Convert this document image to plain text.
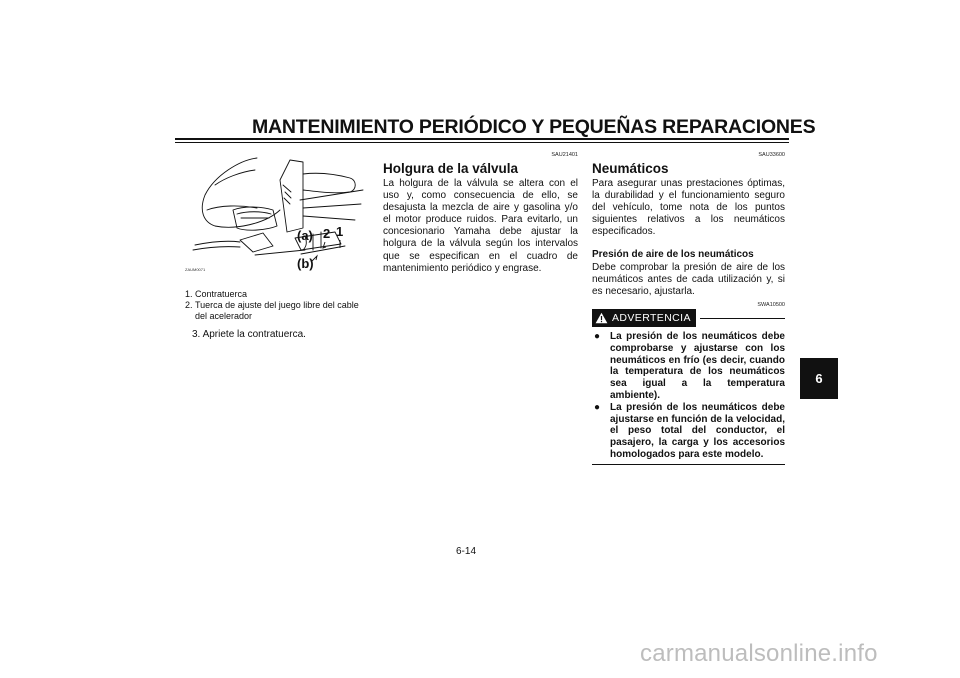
MANTENIMIENTO PERIÓDICO Y PEQUEÑAS REPARACIONES
6
(a) 2 1
(b)
ZAUM0071
1. Contratuerca
2. Tuerca de ajuste del juego libre del cable del acelerador
3. Apriete la contratuerca.
SAU21401
Holgura de la válvula

La holgura de la válvula se altera con el uso y, como consecuencia de ello, se desajusta la mezcla de aire y gasolina y/o el motor produce ruidos. Para evitarlo, un concesionario Yamaha debe ajustar la holgura de la válvula según los intervalos que se especifican en el cuadro de mantenimiento periódico y engrase.

SAU33600
Neumáticos

Para asegurar unas prestaciones óptimas, la durabilidad y el funcionamiento seguro del vehículo, tome nota de los puntos siguientes relativos a los neumáticos especificados.

Presión de aire de los neumáticos

Debe comprobar la presión de aire de los neumáticos antes de cada utilización y, si es necesario, ajustarla.

SWA10500
ADVERTENCIA
● La presión de los neumáticos debe comprobarse y ajustarse con los neumáticos en frío (es decir, cuando la temperatura de los neumáticos sea igual a la temperatura ambiente).
● La presión de los neumáticos debe ajustarse en función de la velocidad, el peso total del conductor, el pasajero, la carga y los accesorios homologados para este modelo.
6-14
carmanualsonline.info
